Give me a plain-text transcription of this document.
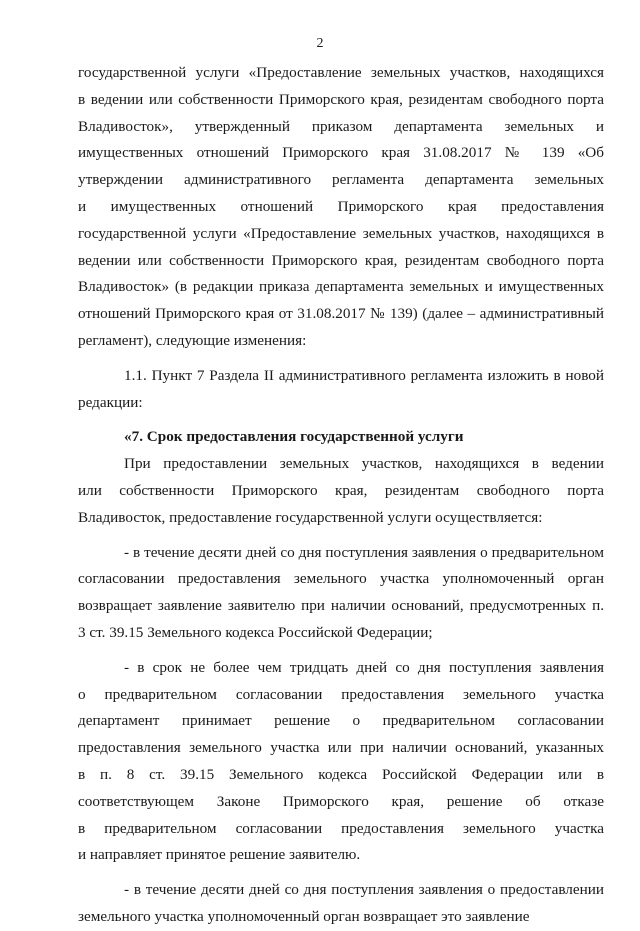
2
государственной услуги «Предоставление земельных участков, находящихся
в ведении или собственности Приморского края, резидентам свободного порта
Владивосток», утвержденный приказом департамента земельных и
имущественных отношений Приморского края 31.08.2017 № 139 «Об
утверждении административного регламента департамента земельных
и имущественных отношений Приморского края предоставления
государственной услуги «Предоставление земельных участков, находящихся в
ведении или собственности Приморского края, резидентам свободного порта
Владивосток» (в редакции приказа департамента земельных и имущественных
отношений Приморского края от 31.08.2017 № 139) (далее – административный
регламент), следующие изменения:
1.1. Пункт 7 Раздела II административного регламента изложить в новой
редакции:
«7. Срок предоставления государственной услуги
При предоставлении земельных участков, находящихся в ведении
или собственности Приморского края, резидентам свободного порта
Владивосток, предоставление государственной услуги осуществляется:
- в течение десяти дней со дня поступления заявления о предварительном
согласовании предоставления земельного участка уполномоченный орган
возвращает заявление заявителю при наличии оснований, предусмотренных п.
3 ст. 39.15 Земельного кодекса Российской Федерации;
- в срок не более чем тридцать дней со дня поступления заявления
о предварительном согласовании предоставления земельного участка
департамент принимает решение о предварительном согласовании
предоставления земельного участка или при наличии оснований, указанных
в п. 8 ст. 39.15 Земельного кодекса Российской Федерации или в
соответствующем Законе Приморского края, решение об отказе
в предварительном согласовании предоставления земельного участка
и направляет принятое решение заявителю.
- в течение десяти дней со дня поступления заявления о предоставлении
земельного участка уполномоченный орган возвращает это заявление
